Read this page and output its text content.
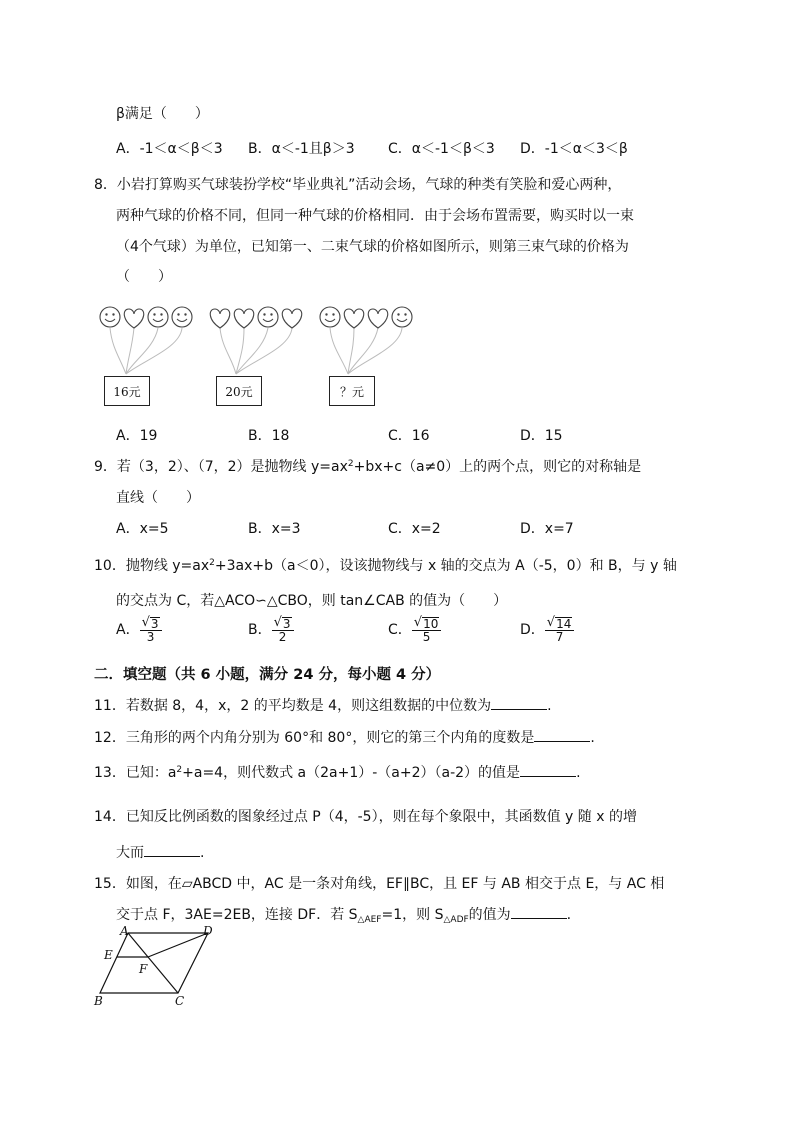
β满足（　　）
A．-1＜α＜β＜3 B．α＜-1且β＞3 C．α＜-1＜β＜3 D．-1＜α＜3＜β
8．小岩打算购买气球装扮学校“毕业典礼”活动会场，气球的种类有笑脸和爱心两种，
两种气球的价格不同，但同一种气球的价格相同．由于会场布置需要，购买时以一束
（4个气球）为单位，已知第一、二束气球的价格如图所示，则第三束气球的价格为
（　　）
16元	20元	？元
A．19	B．18	C．16	D．15
9．若（3，2）、（7，2）是抛物线 $y=ax^2+bx+c(a\ne 0)$上的两个点，则它的对称轴是
直线（　　）
A．x=5	B．x=3	C．x=2	D．x=7
10．抛物线 $y=ax^2+3ax+b(a<0)$，设该抛物线与 x 轴的交点为 A（-5，0）和 B，与 y 轴
的交点为 C，若△ACO∽△CBO，则 tan∠CAB 的值为（　　）
A． $\frac{√ 3}{3}$	B． $\frac{√ 3}{2}$	C． $\frac{√ 10}{5}$	D． $\frac{√ 14}{7}$
二．填空题（共 6 小题，满分 24 分，每小题 4 分）
11．若数据 8，4，x，2 的平均数是 4，则这组数据的中位数为	.
12．三角形的两个内角分别为 60°和 80°，则它的第三个内角的度数是	.
13．已知：$a^2+a=4$，则代数式 a（2a+1）-（a+2）（a-2）的值是	.
14．已知反比例函数的图象经过点 P（4，-5），则在每个象限中，其函数值 y 随 x 的增
大而	.
15．如图，在▱ABCD 中，AC 是一条对角线，EF∥BC，且 EF 与 AB 相交于点 E，与 AC 相
交于点 F，3AE=2EB，连接 DF．若 $S_{\triangle AEF}=1$，则 $S_{\triangle ADF}$的值为	.
A	D
E
F
B	C
